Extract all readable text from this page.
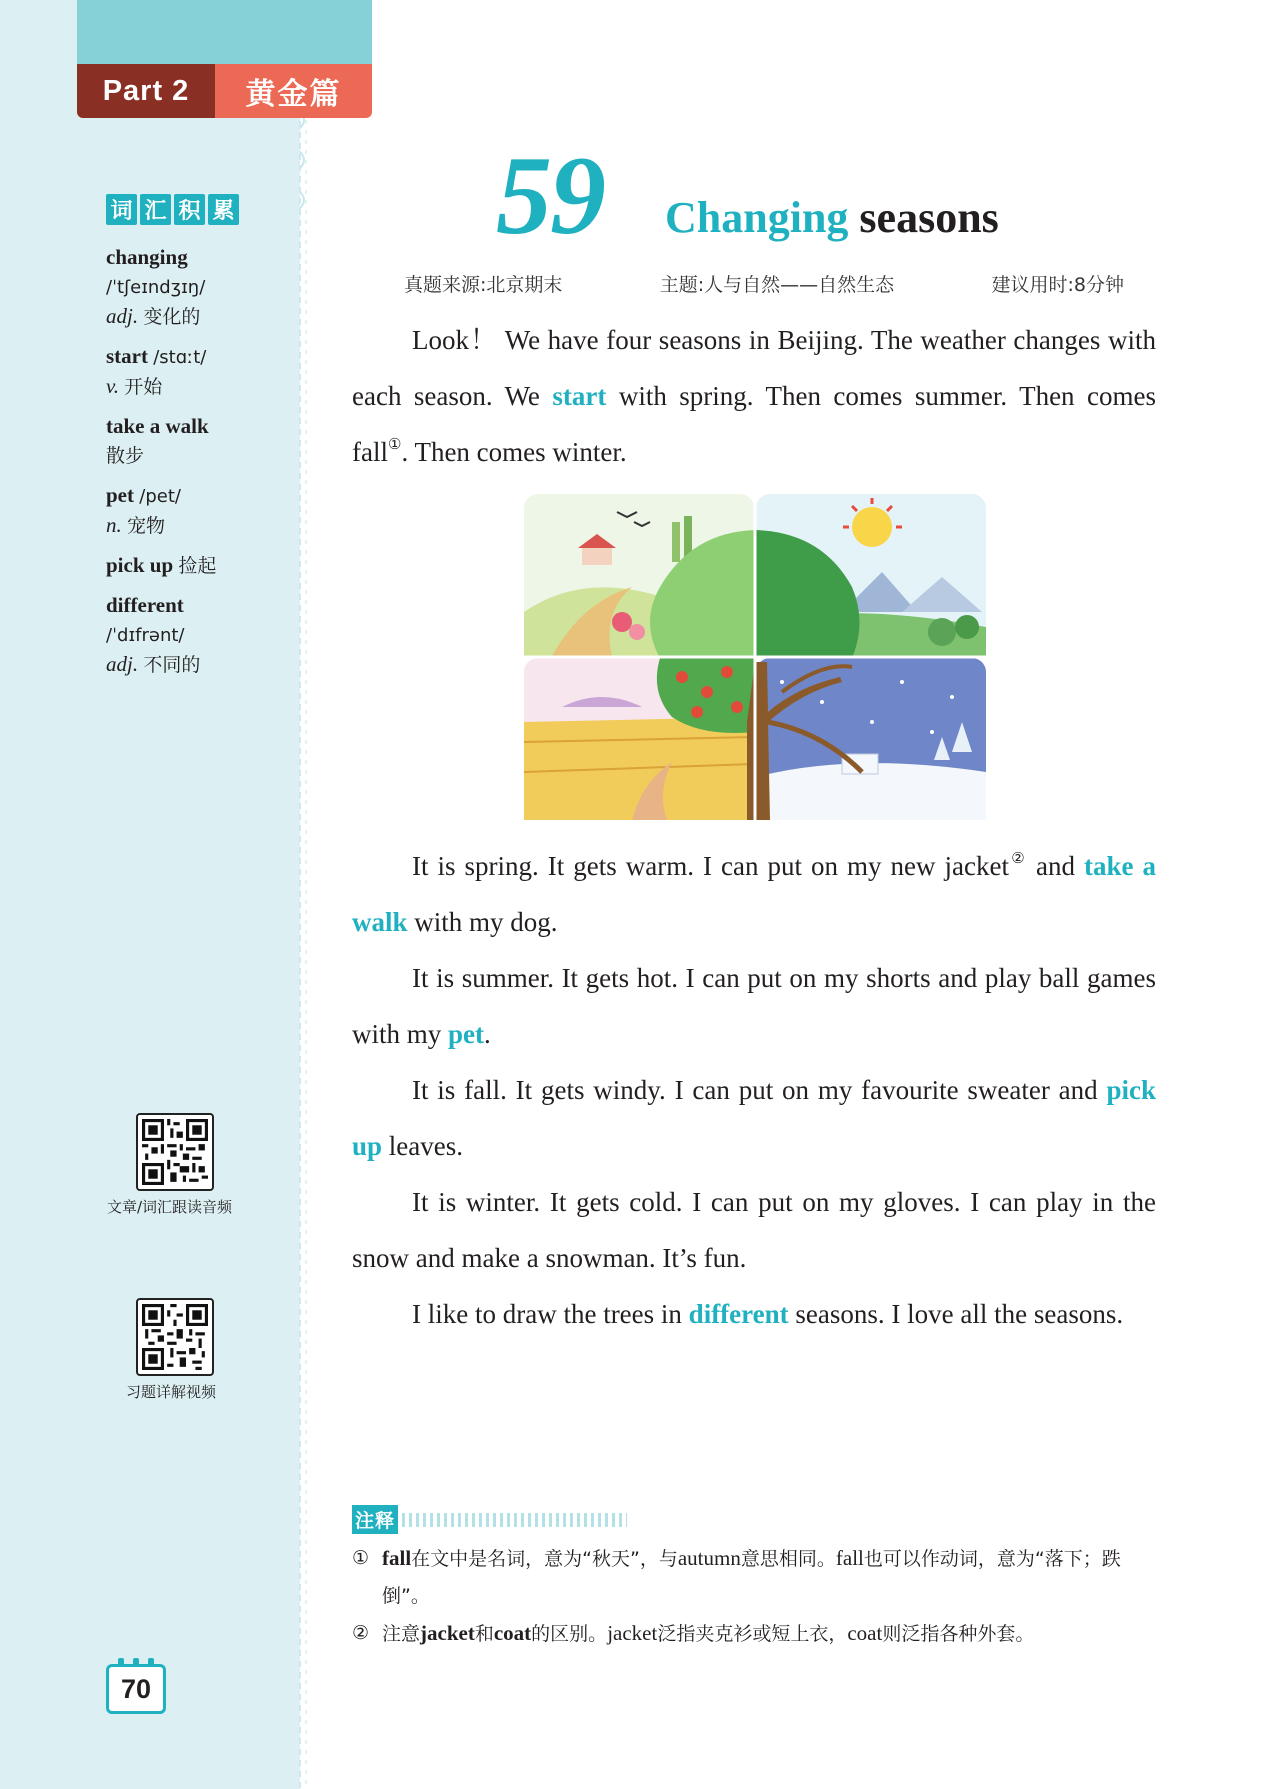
Part 2	黄金篇
词 汇 积 累
changing
/ˈtʃeɪndʒɪŋ/
adj. 变化的
start /stɑːt/
v. 开始
take a walk
散步
pet /pet/
n. 宠物
pick up 捡起
different
/ˈdɪfrənt/
adj. 不同的
文章/词汇跟读音频
习题详解视频
70
59 Changing seasons
真题来源:北京期末	主题:人与自然——自然生态	建议用时:8分钟

Look！ We have four seasons in Beijing. The weather changes with each season. We start with spring. Then comes summer. Then comes fall①. Then comes winter.

It is spring. It gets warm. I can put on my new jacket② and take a walk with my dog.

It is summer. It gets hot. I can put on my shorts and play ball games with my pet.

It is fall. It gets windy. I can put on my favourite sweater and pick up leaves.

It is winter. It gets cold. I can put on my gloves. I can play in the snow and make a snowman. It’s fun.

I like to draw the trees in different seasons. I love all the seasons.

注释
① fall在文中是名词，意为“秋天”，与autumn意思相同。fall也可以作动词，意为“落下；跌倒”。
② 注意jacket和coat的区别。jacket泛指夹克衫或短上衣，coat则泛指各种外套。
